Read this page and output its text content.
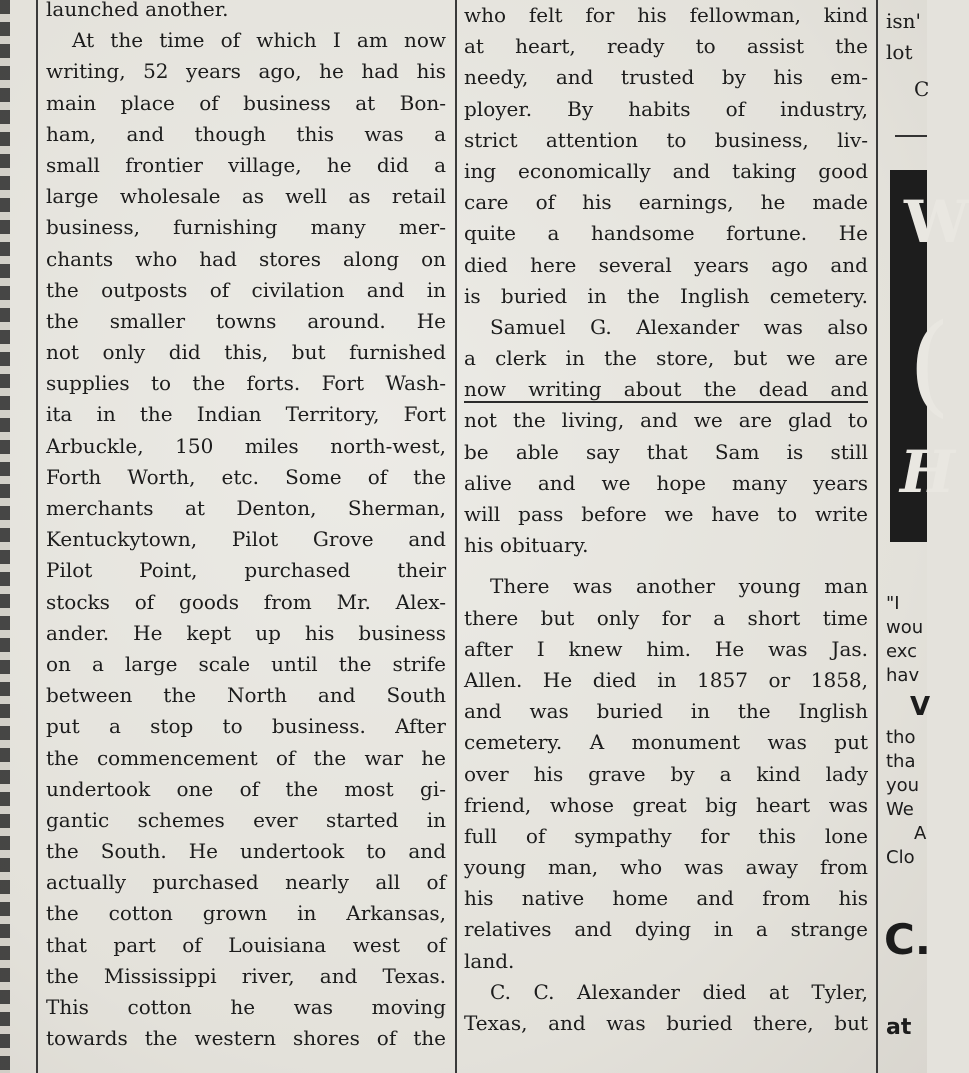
launched another.
At the time of which I am now
writing, 52 years ago, he had his
main place of business at Bon-
ham, and though this was a
small frontier village, he did a
large wholesale as well as retail
business, furnishing many mer-
chants who had stores along on
the outposts of civilation and in
the smaller towns around. He
not only did this, but furnished
supplies to the forts. Fort Wash-
ita in the Indian Territory, Fort
Arbuckle, 150 miles north-west,
Forth Worth, etc. Some of the
merchants at Denton, Sherman,
Kentuckytown, Pilot Grove and
Pilot Point, purchased their
stocks of goods from Mr. Alex-
ander. He kept up his business
on a large scale until the strife
between the North and South
put a stop to business. After
the commencement of the war he
undertook one of the most gi-
gantic schemes ever started in
the South. He undertook to and
actually purchased nearly all of
the cotton grown in Arkansas,
that part of Louisiana west of
the Mississippi river, and Texas.
This cotton he was moving
towards the western shores of the
who felt for his fellowman, kind
at heart, ready to assist the
needy, and trusted by his em-
ployer. By habits of industry,
strict attention to business, liv-
ing economically and taking good
care of his earnings, he made
quite a handsome fortune. He
died here several years ago and
is buried in the Inglish cemetery.
Samuel G. Alexander was also
a clerk in the store, but we are
now writing about the dead and
not the living, and we are glad to
be able say that Sam is still
alive and we hope many years
will pass before we have to write
his obituary.
There was another young man
there but only for a short time
after I knew him. He was Jas.
Allen. He died in 1857 or 1858,
and was buried in the Inglish
cemetery. A monument was put
over his grave by a kind lady
friend, whose great big heart was
full of sympathy for this lone
young man, who was away from
his native home and from his
relatives and dying in a strange
land.
C. C. Alexander died at Tyler,
Texas, and was buried there, but
isn'
lot
C
W
(
H
"I
wou
exc
hav
V
tho
tha
you
We
A
Clo
C.
at
